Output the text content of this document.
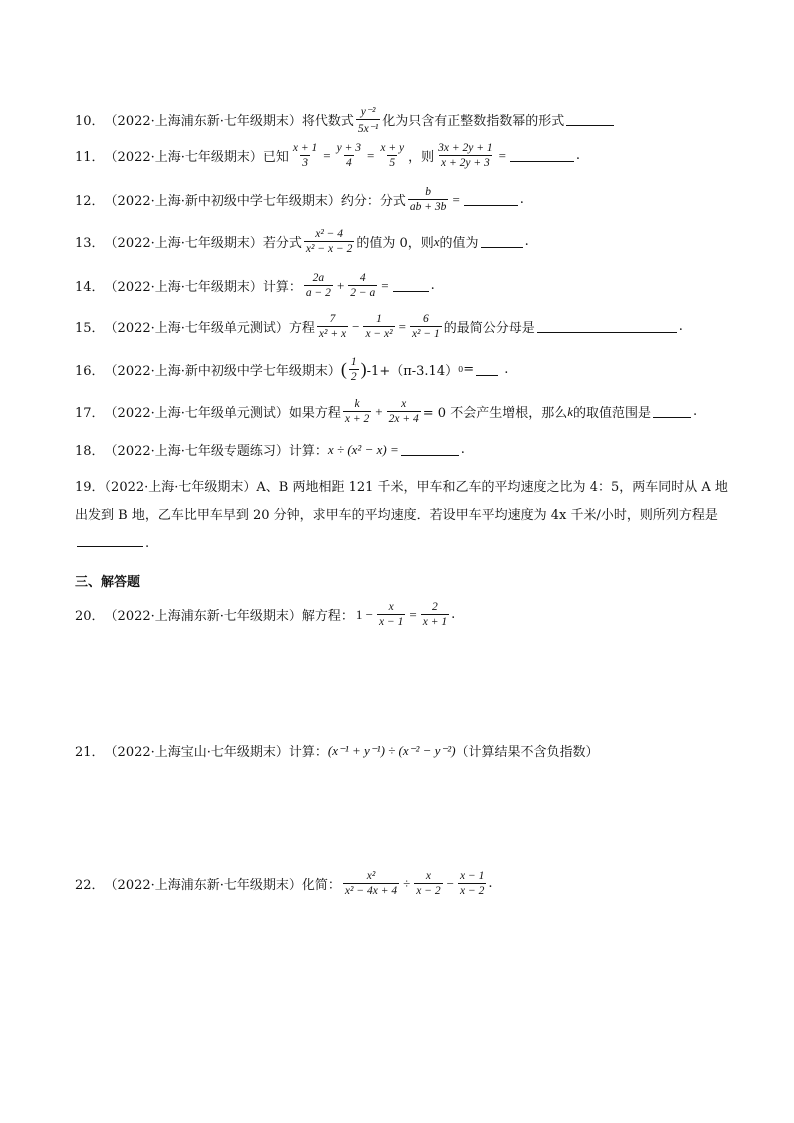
10． （2022·上海浦东新·七年级期末） 将代数式 $\frac{\text{y⁻²}}{\text{5x⁻¹}}$ 化为只含有正整数指数幂的形式
11． （2022·上海·七年级期末） 已知 $\frac{x + 1}{3} = \frac{y + 3}{4} = \frac{x + y}{5}$ ，则 $\frac{3x + 2y + 1}{x + 2y + 3}$ =	.
12． （2022·上海·新中初级中学七年级期末） 约分：分式 $\frac{b}{ab + 3b}$ =	.
13． （2022·上海·七年级期末） 若分式 $\frac{\text{x² − 4}}{\text{x² − x − 2}}$ 的值为 0，则 x 的值为	.
14． （2022·上海·七年级期末） 计算： $\frac{2a}{a - 2} + \frac{4}{2 - a}$ =	.
15． （2022·上海·七年级单元测试） 方程 $\frac{7}{\text{x² + x}} - \frac{1}{\text{x − x²}} = \frac{6}{\text{x² − 1}}$ 的最简公分母是	.
16． （2022·上海·新中初级中学七年级期末） ( $\frac{1}{2}$ ) -1+（π-3.14） 0 =
.
17． （2022·上海·七年级单元测试） 如果方程 $\frac{k}{x + 2} + \frac{x}{2x + 4} = 0$ 不会产生增根，那么 k 的取值范围是	.
18． （2022·上海·七年级专题练习） 计算： x ÷ (x² − x) =	.
19．（2022·上海·七年级期末）A、B 两地相距 121 千米，甲车和乙车的平均速度之比为 4：5，两车同时从 A 地出发到 B 地，乙车比甲车早到 20 分钟，求甲车的平均速度．若设甲车平均速度为 4x 千米/小时，则所列方程是.
三、解答题
20． （2022·上海浦东新·七年级期末） 解方程： $1 - \frac{x}{x - 1} = \frac{2}{x + 1}$ .
21． （2022·上海宝山·七年级期末） 计算： (x⁻¹ + y⁻¹) ÷ (x⁻² − y⁻²) （计算结果不含负指数）
22． （2022·上海浦东新·七年级期末） 化简： $\frac{\text{x²}}{\text{x² − 4x + 4}} \div \frac{x}{x - 2} - \frac{x - 1}{x - 2}$ .
